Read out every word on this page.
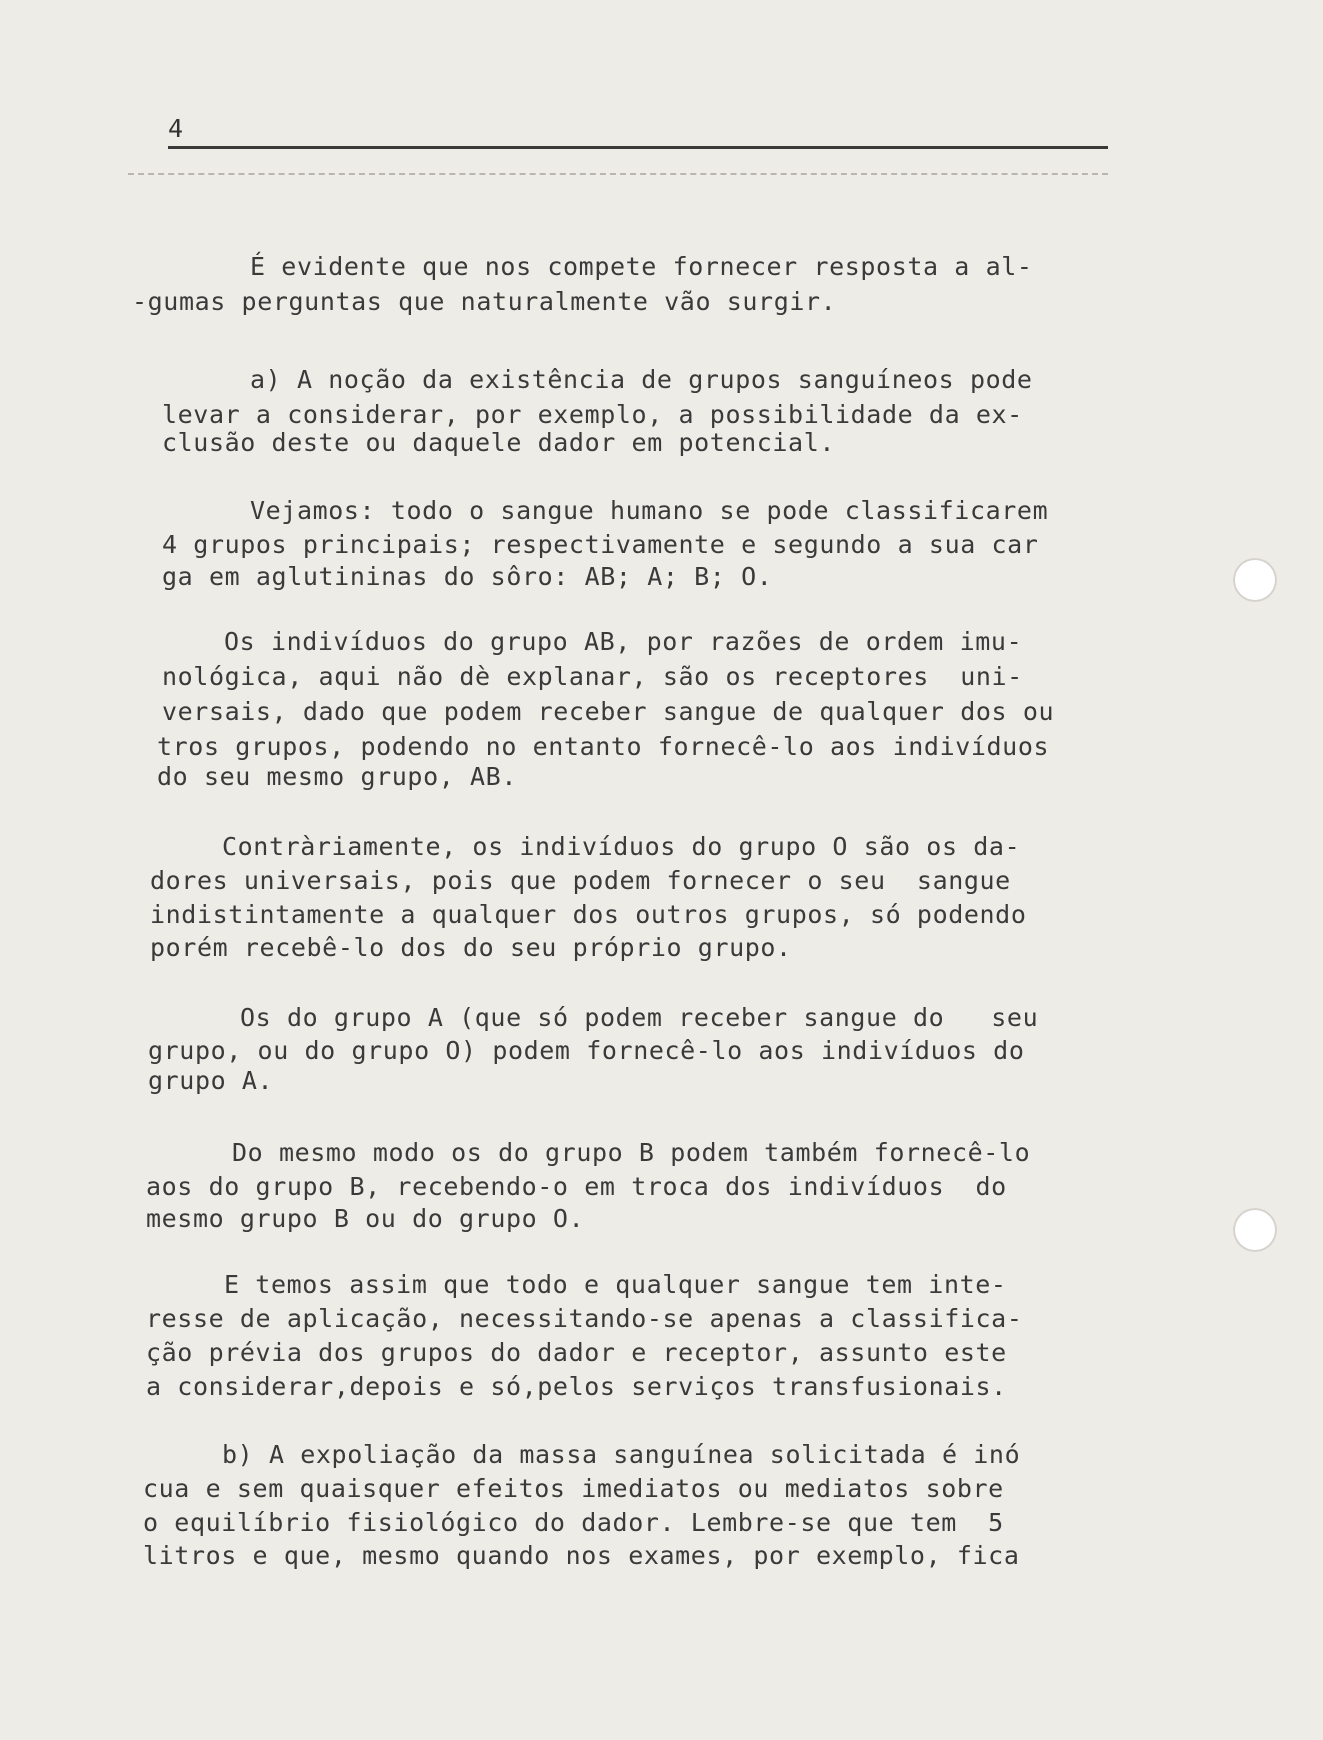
4
É evidente que nos compete fornecer resposta a al-
-gumas perguntas que naturalmente vão surgir.
a) A noção da existência de grupos sanguíneos pode
levar a considerar, por exemplo, a possibilidade da ex-
clusão deste ou daquele dador em potencial.
Vejamos: todo o sangue humano se pode classificarem
4 grupos principais; respectivamente e segundo a sua car
ga em aglutininas do sôro: AB; A; B; O.
Os indivíduos do grupo AB, por razões de ordem imu-
nológica, aqui não dè explanar, são os receptores  uni-
versais, dado que podem receber sangue de qualquer dos ou
tros grupos, podendo no entanto fornecê-lo aos indivíduos
do seu mesmo grupo, AB.
Contràriamente, os indivíduos do grupo O são os da-
dores universais, pois que podem fornecer o seu  sangue
indistintamente a qualquer dos outros grupos, só podendo
porém recebê-lo dos do seu próprio grupo.
Os do grupo A (que só podem receber sangue do   seu
grupo, ou do grupo O) podem fornecê-lo aos indivíduos do
grupo A.
Do mesmo modo os do grupo B podem também fornecê-lo
aos do grupo B, recebendo-o em troca dos indivíduos  do
mesmo grupo B ou do grupo O.
E temos assim que todo e qualquer sangue tem inte-
resse de aplicação, necessitando-se apenas a classifica-
ção prévia dos grupos do dador e receptor, assunto este
a considerar,depois e só,pelos serviços transfusionais.
b) A expoliação da massa sanguínea solicitada é inó
cua e sem quaisquer efeitos imediatos ou mediatos sobre
o equilíbrio fisiológico do dador. Lembre-se que tem  5
litros e que, mesmo quando nos exames, por exemplo, fica
